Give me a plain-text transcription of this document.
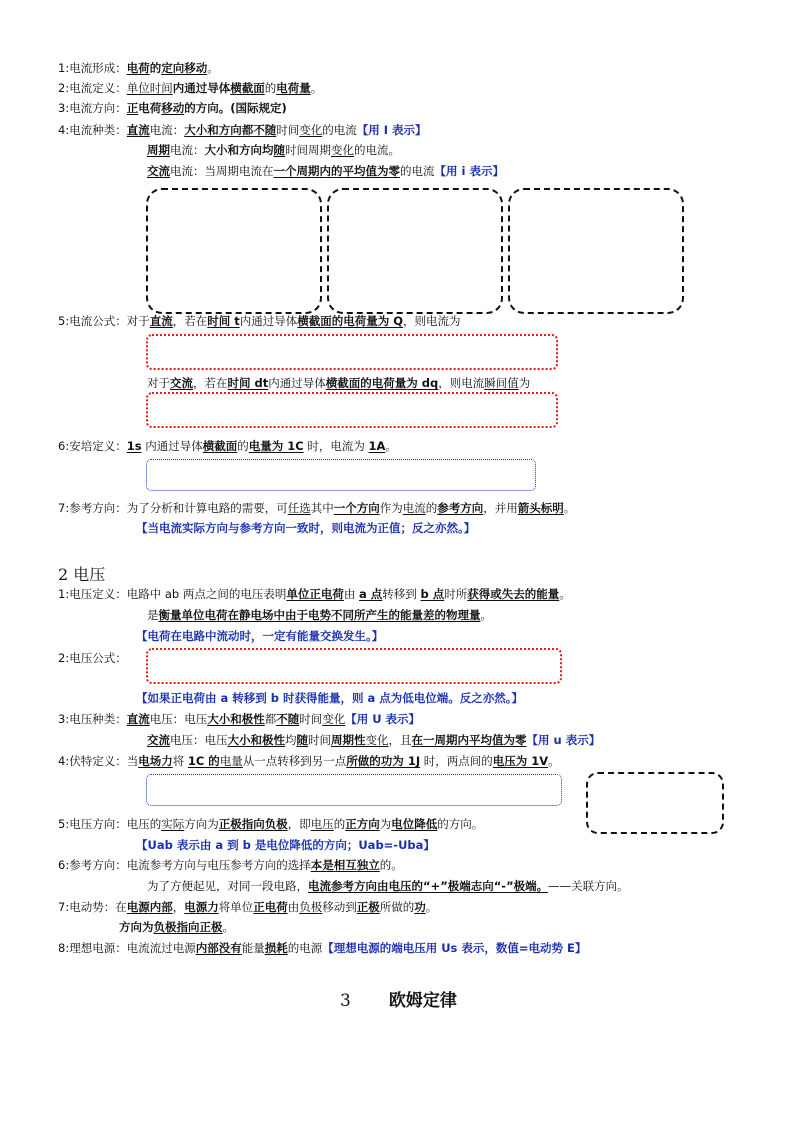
1:电流形成：电荷的定向移动。
2:电流定义：单位时间内通过导体横截面的电荷量。
3:电流方向：正电荷移动的方向。(国际规定)
4:电流种类：直流电流：大小和方向都不随时间变化的电流【用 I 表示】
周期电流：大小和方向均随时间周期变化的电流。
交流电流：当周期电流在一个周期内的平均值为零的电流【用 i 表示】
5:电流公式：对于直流，若在时间 t内通过导体横截面的电荷量为 Q，则电流为
对于交流，若在时间 dt内通过导体横截面的电荷量为 dq，则电流瞬间值为
6:安培定义：1s 内通过导体横截面的电量为 1C 时，电流为 1A。
7:参考方向：为了分析和计算电路的需要，可任选其中一个方向作为电流的参考方向，并用箭头标明。
【当电流实际方向与参考方向一致时，则电流为正值；反之亦然。】
2 电压
1:电压定义：电路中 ab 两点之间的电压表明单位正电荷由 a 点转移到 b 点时所获得或失去的能量。
是衡量单位电荷在静电场中由于电势不同所产生的能量差的物理量。
【电荷在电路中流动时，一定有能量交换发生。】
2:电压公式：
【如果正电荷由 a 转移到 b 时获得能量，则 a 点为低电位端。反之亦然。】
3:电压种类：直流电压：电压大小和极性都不随时间变化【用 U 表示】
交流电压：电压大小和极性均随时间周期性变化，且在一周期内平均值为零【用 u 表示】
4:伏特定义：当电场力将 1C 的电量从一点转移到另一点所做的功为 1J 时，两点间的电压为 1V。
5:电压方向：电压的实际方向为正极指向负极，即电压的正方向为电位降低的方向。
【Uab 表示由 a 到 b 是电位降低的方向；Uab=-Uba】
6:参考方向：电流参考方向与电压参考方向的选择本是相互独立的。
为了方便起见，对同一段电路，电流参考方向由电压的“+”极端志向“-”极端。——关联方向。
7:电动势：在电源内部，电源力将单位正电荷由负极移动到正极所做的功。
方向为负极指向正极。
8:理想电源：电流流过电源内部没有能量损耗的电源【理想电源的端电压用 Us 表示，数值=电动势 E】
3 欧姆定律
